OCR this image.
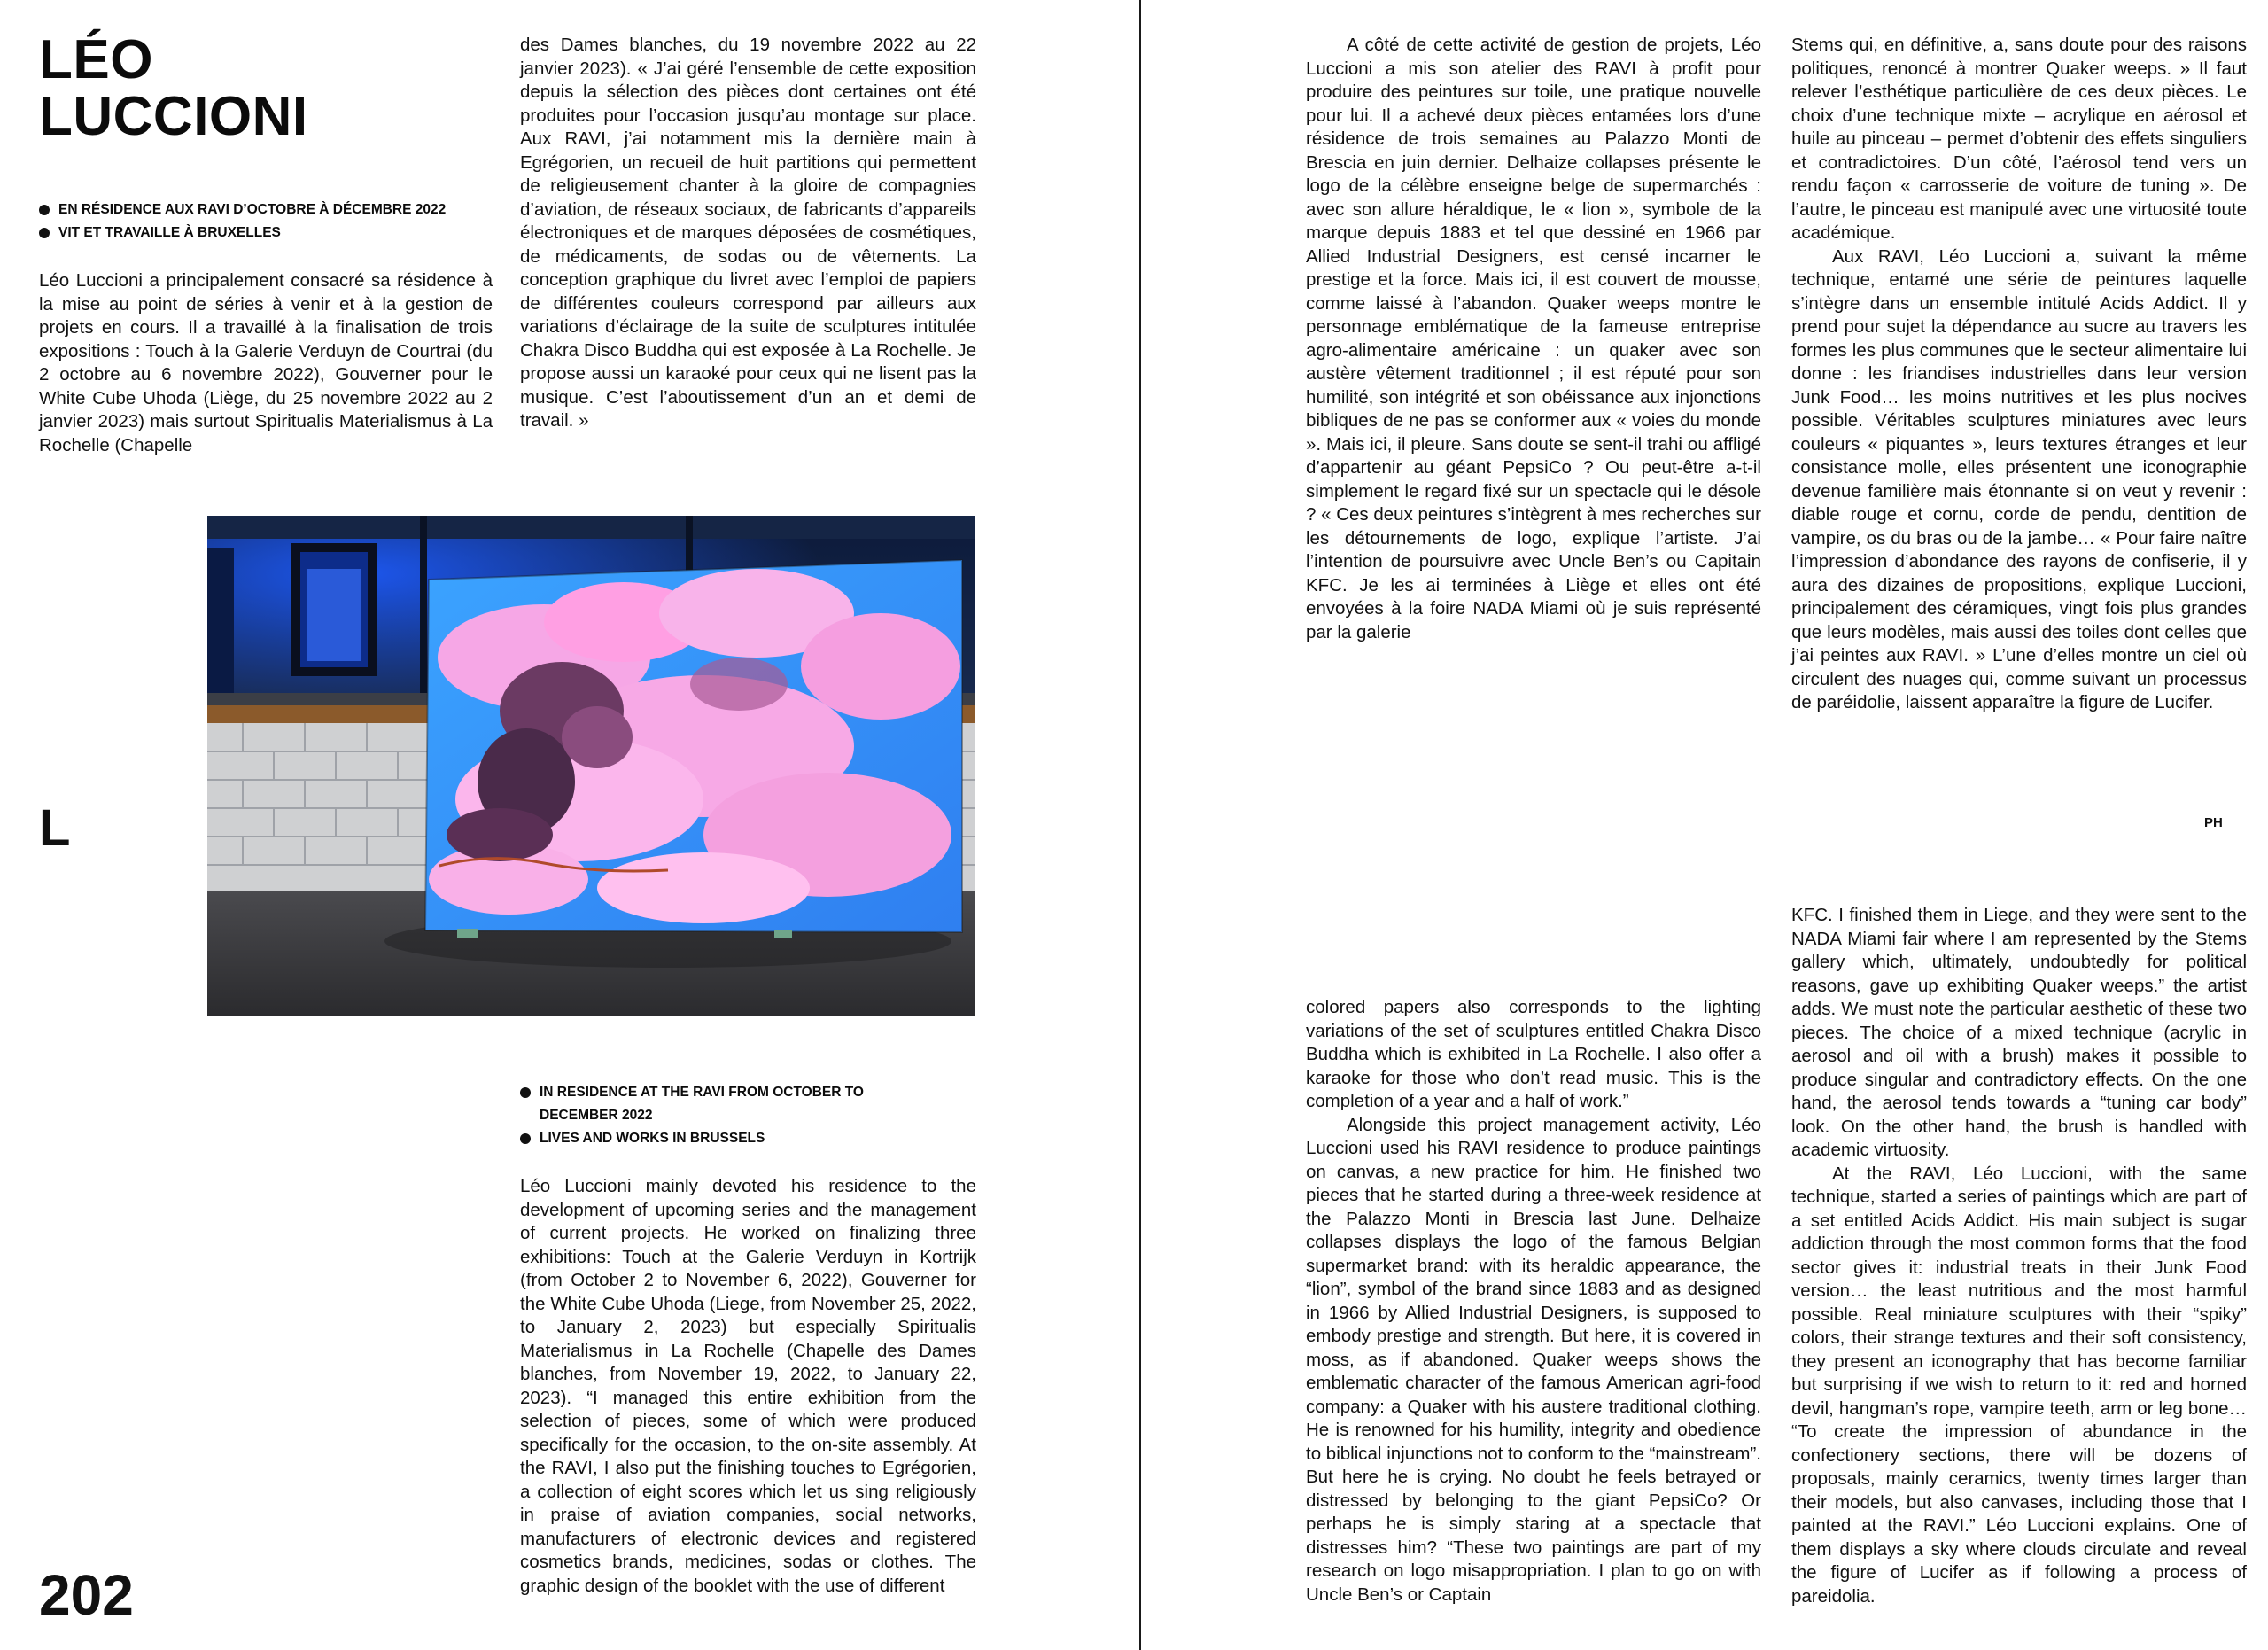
LÉO
LUCCIONI
EN RÉSIDENCE AUX RAVI D’OCTOBRE À DÉCEMBRE 2022
VIT ET TRAVAILLE À BRUXELLES

Léo Luccioni a principalement consacré sa résidence à la mise au point de séries à venir et à la gestion de projets en cours. Il a travaillé à la finalisation de trois expositions : Touch à la Galerie Verduyn de Courtrai (du 2 octobre au 6 novembre 2022), Gouverner pour le White Cube Uhoda (Liège, du 25 novembre 2022 au 2 janvier 2023) mais surtout Spiritualis Materialismus à La Rochelle (Chapelle

des Dames blanches, du 19 novembre 2022 au 22 janvier 2023). « J’ai géré l’ensemble de cette exposition depuis la sélection des pièces dont certaines ont été produites pour l’occasion jusqu’au montage sur place. Aux RAVI, j’ai notamment mis la dernière main à Egrégorien, un recueil de huit partitions qui permettent de religieusement chanter à la gloire de compagnies d’aviation, de réseaux sociaux, de fabricants d’appareils électroniques et de marques déposées de cosmétiques, de médicaments, de sodas ou de vêtements. La conception graphique du livret avec l’emploi de papiers de différentes couleurs correspond par ailleurs aux variations d’éclairage de la suite de sculptures intitulée Chakra Disco Buddha qui est exposée à La Rochelle. Je propose aussi un karaoké pour ceux qui ne lisent pas la musique. C’est l’aboutissement d’un an et demi de travail. »

L
IN RESIDENCE AT THE RAVI FROM OCTOBER TO DECEMBER 2022
LIVES AND WORKS IN BRUSSELS

Léo Luccioni mainly devoted his residence to the development of upcoming series and the management of current projects. He worked on finalizing three exhibitions: Touch at the Galerie Verduyn in Kortrijk (from October 2 to November 6, 2022), Gouverner for the White Cube Uhoda (Liege, from November 25, 2022, to January 2, 2023) but especially Spiritualis Materialismus in La Rochelle (Chapelle des Dames blanches, from November 19, 2022, to January 22, 2023). “I managed this entire exhibition from the selection of pieces, some of which were produced specifically for the occasion, to the on-site assembly. At the RAVI, I also put the finishing touches to Egrégorien, a collection of eight scores which let us sing religiously in praise of aviation companies, social networks, manufacturers of electronic devices and registered cosmetics brands, medicines, sodas or clothes. The graphic design of the booklet with the use of different

202

A côté de cette activité de gestion de projets, Léo Luccioni a mis son atelier des RAVI à profit pour produire des peintures sur toile, une pratique nouvelle pour lui. Il a achevé deux pièces entamées lors d’une résidence de trois semaines au Palazzo Monti de Brescia en juin dernier. Delhaize collapses présente le logo de la célèbre enseigne belge de supermarchés : avec son allure héraldique, le « lion », symbole de la marque depuis 1883 et tel que dessiné en 1966 par Allied Industrial Designers, est censé incarner le prestige et la force. Mais ici, il est couvert de mousse, comme laissé à l’abandon. Quaker weeps montre le personnage emblématique de la fameuse entreprise agro-alimentaire américaine : un quaker avec son austère vêtement traditionnel ; il est réputé pour son humilité, son intégrité et son obéissance aux injonctions bibliques de ne pas se conformer aux « voies du monde ». Mais ici, il pleure. Sans doute se sent-il trahi ou affligé d’appartenir au géant PepsiCo ? Ou peut-être a-t-il simplement le regard fixé sur un spectacle qui le désole ? « Ces deux peintures s’intègrent à mes recherches sur les détournements de logo, explique l’artiste. J’ai l’intention de poursuivre avec Uncle Ben’s ou Capitain KFC. Je les ai terminées à Liège et elles ont été envoyées à la foire NADA Miami où je suis représenté par la galerie

Stems qui, en définitive, a, sans doute pour des raisons politiques, renoncé à montrer Quaker weeps. » Il faut relever l’esthétique particulière de ces deux pièces. Le choix d’une technique mixte – acrylique en aérosol et huile au pinceau – permet d’obtenir des effets singuliers et contradictoires. D’un côté, l’aérosol tend vers un rendu façon « carrosserie de voiture de tuning ». De l’autre, le pinceau est manipulé avec une virtuosité toute académique.

Aux RAVI, Léo Luccioni a, suivant la même technique, entamé une série de peintures laquelle s’intègre dans un ensemble intitulé Acids Addict. Il y prend pour sujet la dépendance au sucre au travers les formes les plus communes que le secteur alimentaire lui donne : les friandises industrielles dans leur version Junk Food… les moins nutritives et les plus nocives possible. Véritables sculptures miniatures avec leurs couleurs « piquantes », leurs textures étranges et leur consistance molle, elles présentent une iconographie devenue familière mais étonnante si on veut y revenir : diable rouge et cornu, corde de pendu, dentition de vampire, os du bras ou de la jambe… « Pour faire naître l’impression d’abondance des rayons de confiserie, il y aura des dizaines de propositions, explique Luccioni, principalement des céramiques, vingt fois plus grandes que leurs modèles, mais aussi des toiles dont celles que j’ai peintes aux RAVI. » L’une d’elles montre un ciel où circulent des nuages qui, comme suivant un processus de paréidolie, laissent apparaître la figure de Lucifer.

PH

colored papers also corresponds to the lighting variations of the set of sculptures entitled Chakra Disco Buddha which is exhibited in La Rochelle. I also offer a karaoke for those who don’t read music. This is the completion of a year and a half of work.”

Alongside this project management activity, Léo Luccioni used his RAVI residence to produce paintings on canvas, a new practice for him. He finished two pieces that he started during a three-week residence at the Palazzo Monti in Brescia last June. Delhaize collapses displays the logo of the famous Belgian supermarket brand: with its heraldic appearance, the “lion”, symbol of the brand since 1883 and as designed in 1966 by Allied Industrial Designers, is supposed to embody prestige and strength. But here, it is covered in moss, as if abandoned. Quaker weeps shows the emblematic character of the famous American agri-food company: a Quaker with his austere traditional clothing. He is renowned for his humility, integrity and obedience to biblical injunctions not to conform to the “mainstream”. But here he is crying. No doubt he feels betrayed or distressed by belonging to the giant PepsiCo? Or perhaps he is simply staring at a spectacle that distresses him? “These two paintings are part of my research on logo misappropriation. I plan to go on with Uncle Ben’s or Captain

KFC. I finished them in Liege, and they were sent to the NADA Miami fair where I am represented by the Stems gallery which, ultimately, undoubtedly for political reasons, gave up exhibiting Quaker weeps.” the artist adds. We must note the particular aesthetic of these two pieces. The choice of a mixed technique (acrylic in aerosol and oil with a brush) makes it possible to produce singular and contradictory effects. On the one hand, the aerosol tends towards a “tuning car body” look. On the other hand, the brush is handled with academic virtuosity.

At the RAVI, Léo Luccioni, with the same technique, started a series of paintings which are part of a set entitled Acids Addict. His main subject is sugar addiction through the most common forms that the food sector gives it: industrial treats in their Junk Food version… the least nutritious and the most harmful possible. Real miniature sculptures with their “spiky” colors, their strange textures and their soft consistency, they present an iconography that has become familiar but surprising if we wish to return to it: red and horned devil, hangman’s rope, vampire teeth, arm or leg bone… “To create the impression of abundance in the confectionery sections, there will be dozens of proposals, mainly ceramics, twenty times larger than their models, but also canvases, including those that I painted at the RAVI.” Léo Luccioni explains. One of them displays a sky where clouds circulate and reveal the figure of Lucifer as if following a process of pareidolia.
